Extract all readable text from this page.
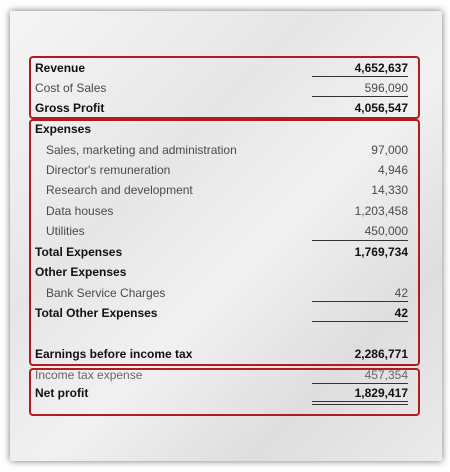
Revenue	4,652,637
Cost of Sales	596,090
Gross Profit	4,056,547
Expenses
Sales, marketing and administration	97,000
Director's remuneration	4,946
Research and development	14,330
Data houses	1,203,458
Utilities	450,000
Total Expenses	1,769,734
Other Expenses
Bank Service Charges	42
Total Other Expenses	42
Earnings before income tax	2,286,771
Income tax expense	457,354
Net profit	1,829,417
